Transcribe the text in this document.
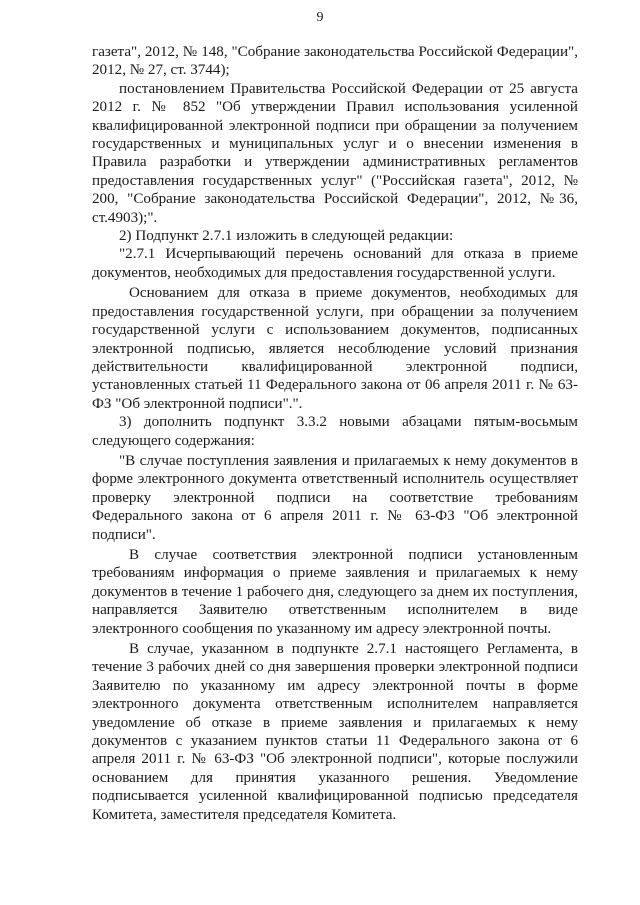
9

газета", 2012, № 148, "Собрание законодательства Российской Федерации", 2012, № 27, ст. 3744);

постановлением Правительства Российской Федерации от 25 августа 2012 г. № 852 "Об утверждении Правил использования усиленной квалифицированной электронной подписи при обращении за получением государственных и муниципальных услуг и о внесении изменения в Правила разработки и утверждении административных регламентов предоставления государственных услуг" ("Российская газета", 2012, № 200, "Собрание законодательства Российской Федерации", 2012, №36, ст.4903);".

2) Подпункт 2.7.1 изложить в следующей редакции:

"2.7.1 Исчерпывающий перечень оснований для отказа в приеме документов, необходимых для предоставления государственной услуги.

Основанием для отказа в приеме документов, необходимых для предоставления государственной услуги, при обращении за получением государственной услуги с использованием документов, подписанных электронной подписью, является несоблюдение условий признания действительности квалифицированной электронной подписи, установленных статьей 11 Федерального закона от 06 апреля 2011 г. № 63-ФЗ "Об электронной подписи".".

3) дополнить подпункт 3.3.2 новыми абзацами пятым-восьмым следующего содержания:

"В случае поступления заявления и прилагаемых к нему документов в форме электронного документа ответственный исполнитель осуществляет проверку электронной подписи на соответствие требованиям Федерального закона от 6 апреля 2011 г. № 63-ФЗ "Об электронной подписи".

В случае соответствия электронной подписи установленным требованиям информация о приеме заявления и прилагаемых к нему документов в течение 1 рабочего дня, следующего за днем их поступления, направляется Заявителю ответственным исполнителем в виде электронного сообщения по указанному им адресу электронной почты.

В случае, указанном в подпункте 2.7.1 настоящего Регламента, в течение 3 рабочих дней со дня завершения проверки электронной подписи Заявителю по указанному им адресу электронной почты в форме электронного документа ответственным исполнителем направляется уведомление об отказе в приеме заявления и прилагаемых к нему документов с указанием пунктов статьи 11 Федерального закона от 6 апреля 2011 г. № 63-ФЗ "Об электронной подписи", которые послужили основанием для принятия указанного решения. Уведомление подписывается усиленной квалифицированной подписью председателя Комитета, заместителя председателя Комитета.
